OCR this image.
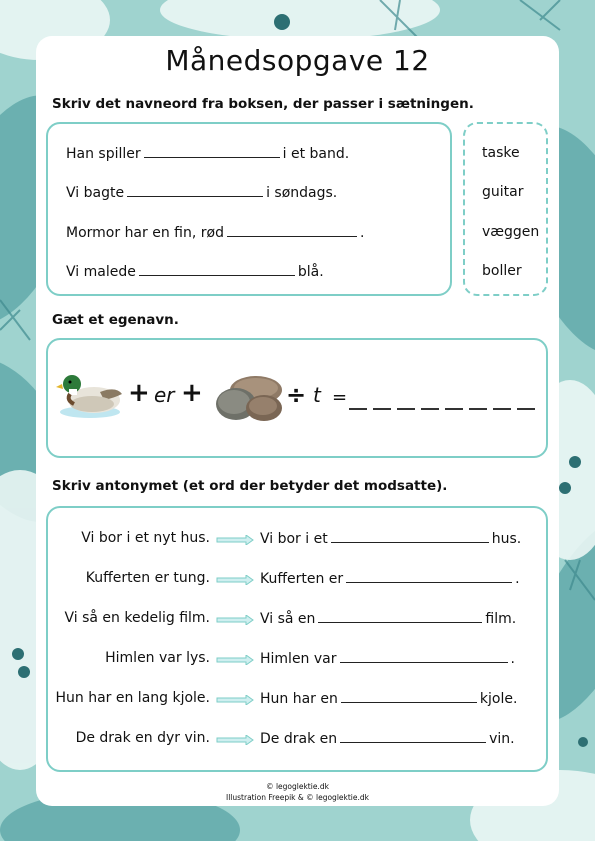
Månedsopgave 12
Skriv det navneord fra boksen, der passer i sætningen.
Han spiller	i et band.
Vi bagte	i søndags.
Mormor har en fin, rød	.
Vi malede	blå.
taske
guitar
væggen
boller
Gæt et egenavn.
+ er +	÷ t =
Skriv antonymet (et ord der betyder det modsatte).
Vi bor i et nyt hus.	Vi bor i et	hus.
Kufferten er tung.	Kufferten er	.
Vi så en kedelig film.	Vi så en	film.
Himlen var lys.	Himlen var	.
Hun har en lang kjole.	Hun har en	kjole.
De drak en dyr vin.	De drak en	vin.
© legoglektie.dk
Illustration Freepik & © legoglektie.dk
